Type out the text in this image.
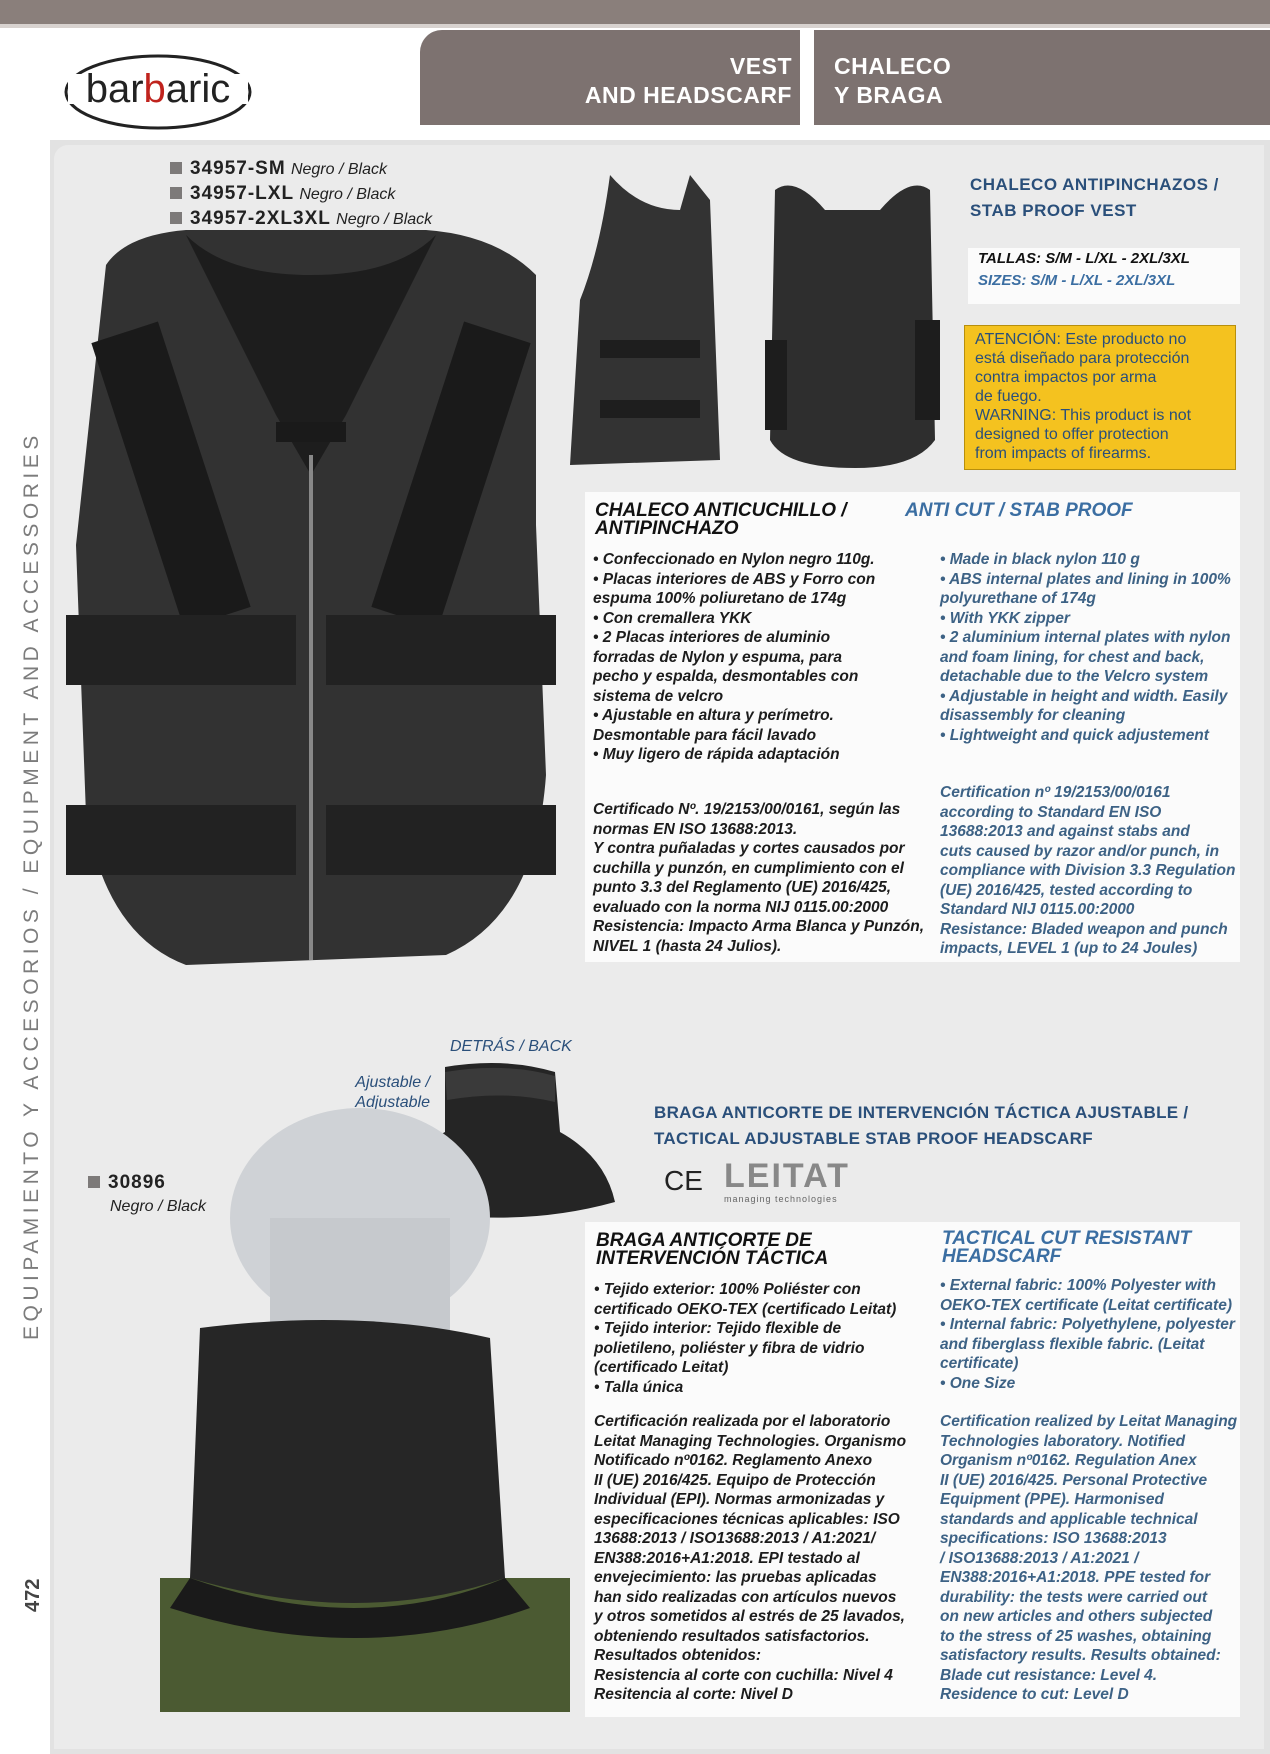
barbaric
VEST
AND HEADSCARF
CHALECO
Y BRAGA
EQUIPAMIENTO Y ACCESORIOS / EQUIPMENT AND ACCESSORIES
472
34957-SM Negro / Black
34957-LXL Negro / Black
34957-2XL3XL Negro / Black
CHALECO ANTIPINCHAZOS /
STAB PROOF VEST
TALLAS: S/M - L/XL - 2XL/3XL
SIZES: S/M - L/XL - 2XL/3XL
ATENCIÓN: Este producto no
está diseñado para protección
contra impactos por arma
de fuego.
WARNING: This product is not
designed to offer protection
from impacts of firearms.
CHALECO ANTICUCHILLO /
ANTIPINCHAZO
ANTI CUT / STAB PROOF
• Confeccionado en Nylon negro 110g.
• Placas interiores de ABS y Forro con
espuma 100% poliuretano de 174g
• Con cremallera YKK
• 2 Placas interiores de aluminio
forradas de Nylon y espuma, para
pecho y espalda, desmontables con
sistema de velcro
• Ajustable en altura y perímetro.
Desmontable para fácil lavado
• Muy ligero de rápida adaptación
• Made in black nylon 110 g
• ABS internal plates and lining in 100%
polyurethane of 174g
• With YKK zipper
• 2 aluminium internal plates with nylon
and foam lining, for chest and back,
detachable due to the Velcro system
• Adjustable in height and width. Easily
disassembly for cleaning
• Lightweight and quick adjustement
Certificado Nº. 19/2153/00/0161, según las
normas EN ISO 13688:2013.
Y contra puñaladas y cortes causados por
cuchilla y punzón, en cumplimiento con el
punto 3.3 del Reglamento (UE) 2016/425,
evaluado con la norma NIJ 0115.00:2000
Resistencia: Impacto Arma Blanca y Punzón,
NIVEL 1 (hasta 24 Julios).
Certification nº 19/2153/00/0161
according to Standard EN ISO
13688:2013 and against stabs and
cuts caused by razor and/or punch, in
compliance with Division 3.3 Regulation
(UE) 2016/425, tested according to
Standard NIJ 0115.00:2000
Resistance: Bladed weapon and punch
impacts, LEVEL 1 (up to 24 Joules)
DETRÁS / BACK
Ajustable /
Adjustable
30896
Negro / Black
BRAGA ANTICORTE DE INTERVENCIÓN TÁCTICA AJUSTABLE /
TACTICAL ADJUSTABLE STAB PROOF HEADSCARF
CE LEITAT
managing technologies
BRAGA ANTICORTE DE
INTERVENCIÓN TÁCTICA
TACTICAL CUT RESISTANT
HEADSCARF
• Tejido exterior: 100% Poliéster con
certificado OEKO-TEX (certificado Leitat)
• Tejido interior: Tejido flexible de
polietileno, poliéster y fibra de vidrio
(certificado Leitat)
• Talla única
• External fabric: 100% Polyester with
OEKO-TEX certificate (Leitat certificate)
• Internal fabric: Polyethylene, polyester
and fiberglass flexible fabric. (Leitat
certificate)
• One Size
Certificación realizada por el laboratorio
Leitat Managing Technologies. Organismo
Notificado nº0162. Reglamento Anexo
II (UE) 2016/425. Equipo de Protección
Individual (EPI). Normas armonizadas y
especificaciones técnicas aplicables: ISO
13688:2013 / ISO13688:2013 / A1:2021/
EN388:2016+A1:2018. EPI testado al
envejecimiento: las pruebas aplicadas
han sido realizadas con artículos nuevos
y otros sometidos al estrés de 25 lavados,
obteniendo resultados satisfactorios.
Resultados obtenidos:
Resistencia al corte con cuchilla: Nivel 4
Resitencia al corte: Nivel D
Certification realized by Leitat Managing
Technologies laboratory. Notified
Organism nº0162. Regulation Anex
II (UE) 2016/425. Personal Protective
Equipment (PPE). Harmonised
standards and applicable technical
specifications: ISO 13688:2013
/ ISO13688:2013 / A1:2021 /
EN388:2016+A1:2018. PPE tested for
durability: the tests were carried out
on new articles and others subjected
to the stress of 25 washes, obtaining
satisfactory results. Results obtained:
Blade cut resistance: Level 4.
Residence to cut: Level D
